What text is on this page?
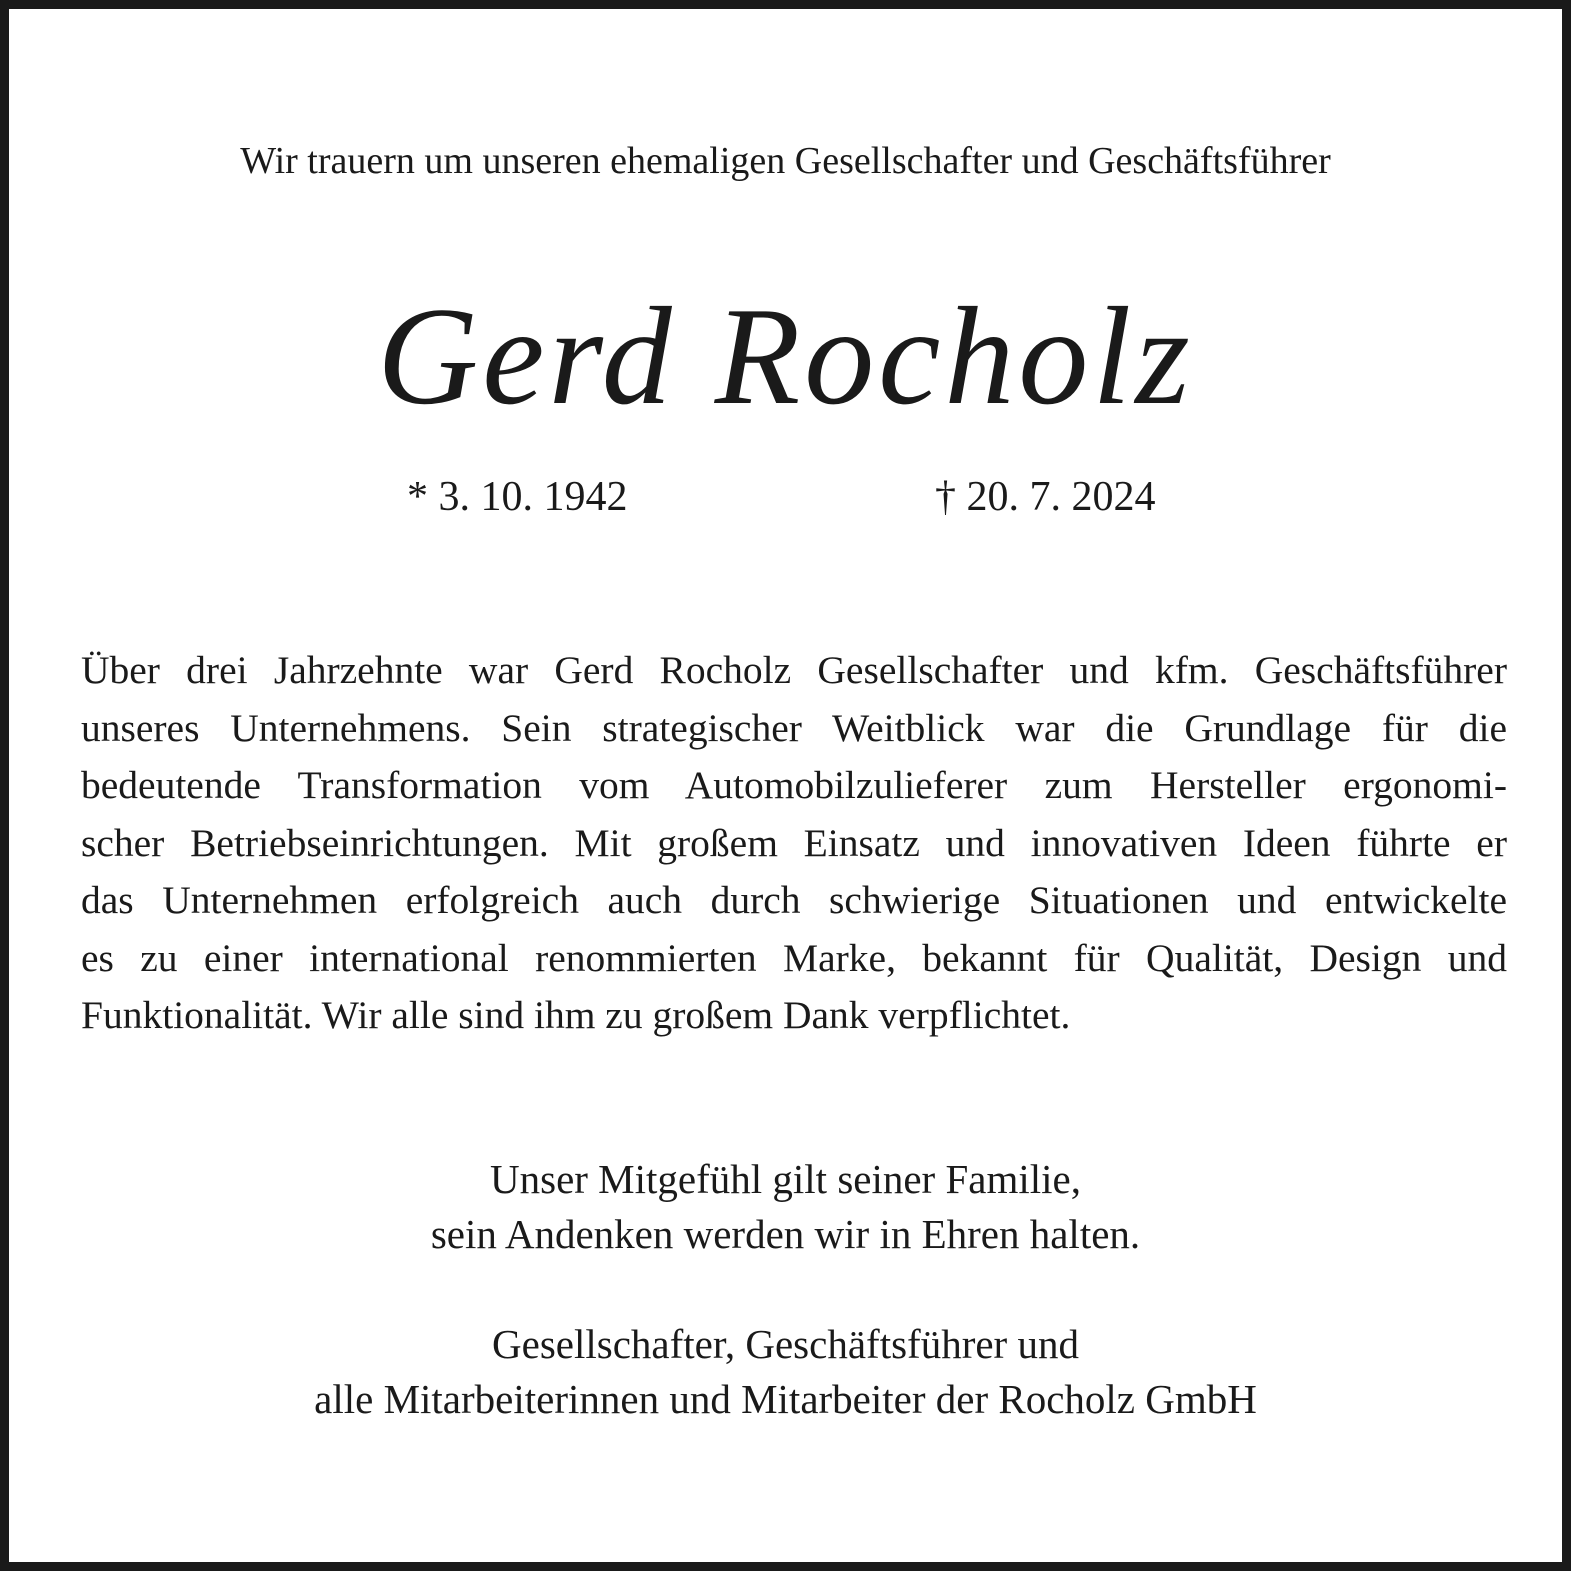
Wir trauern um unseren ehemaligen Gesellschafter und Geschäftsführer
Gerd Rocholz
* 3. 10. 1942	† 20. 7. 2024
Über drei Jahrzehnte war Gerd Rocholz Gesellschafter und kfm. Geschäftsführer
unseres Unternehmens. Sein strategischer Weitblick war die Grundlage für die
bedeutende Transformation vom Automobilzulieferer zum Hersteller ergonomi-
scher Betriebseinrichtungen. Mit großem Einsatz und innovativen Ideen führte er
das Unternehmen erfolgreich auch durch schwierige Situationen und entwickelte
es zu einer international renommierten Marke, bekannt für Qualität, Design und
Funktionalität. Wir alle sind ihm zu großem Dank verpflichtet.
Unser Mitgefühl gilt seiner Familie,
sein Andenken werden wir in Ehren halten.
Gesellschafter, Geschäftsführer und
alle Mitarbeiterinnen und Mitarbeiter der Rocholz GmbH
